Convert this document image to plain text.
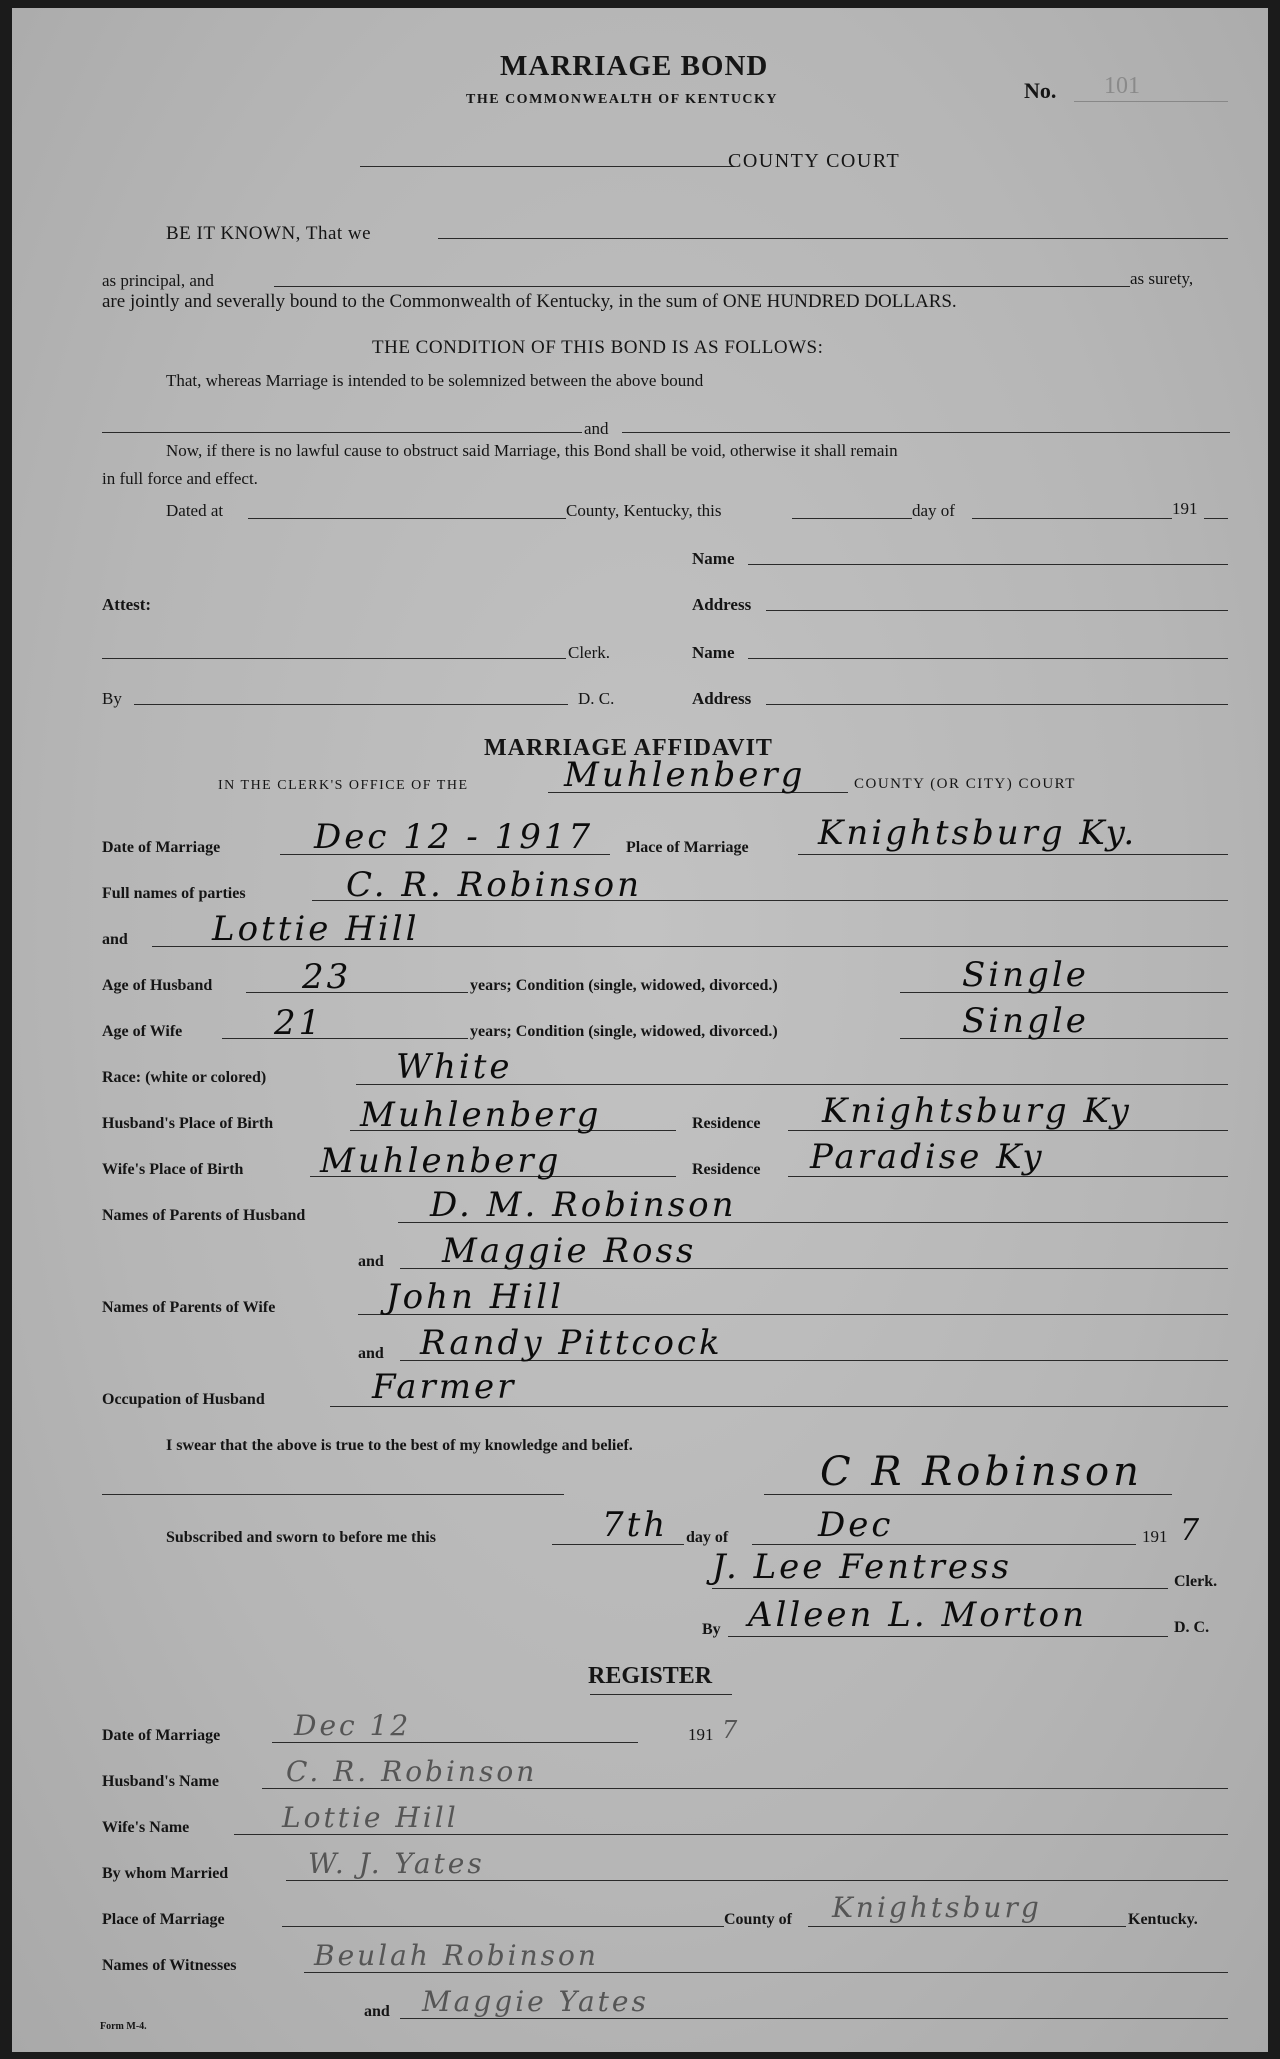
MARRIAGE BOND
THE COMMONWEALTH OF KENTUCKY	No. 101
COUNTY COURT
BE IT KNOWN, That we
as principal, and	as surety,
are jointly and severally bound to the Commonwealth of Kentucky, in the sum of ONE HUNDRED DOLLARS.
THE CONDITION OF THIS BOND IS AS FOLLOWS:
That, whereas Marriage is intended to be solemnized between the above bound
and
Now, if there is no lawful cause to obstruct said Marriage, this Bond shall be void, otherwise it shall remain
in full force and effect.
Dated at	County, Kentucky, this	day of	191
Name
Attest:	Address
Clerk.	Name
By	D. C.	Address
MARRIAGE AFFIDAVIT
IN THE CLERK'S OFFICE OF THE	Muhlenberg	COUNTY (OR CITY) COURT
Date of Marriage	Dec 12 - 1917 Place of Marriage Knightsburg Ky.
Full names of parties	C. R. Robinson
and Lottie Hill
Age of Husband	23	years; Condition (single, widowed, divorced.)	Single
Age of Wife	21	years; Condition (single, widowed, divorced.)	Single
Race: (white or colored)	White
Husband's Place of Birth	Muhlenberg	Residence Knightsburg Ky
Wife's Place of Birth Muhlenberg	Residence Paradise Ky
Names of Parents of Husband	D. M. Robinson
and Maggie Ross
Names of Parents of Wife	John Hill
and Randy Pittcock
Occupation of Husband	Farmer
I swear that the above is true to the best of my knowledge and belief.
C R Robinson
Subscribed and sworn to before me this	7th day of	Dec	191 7
J. Lee Fentress	Clerk.
By Alleen L. Morton	D. C.
REGISTER
Date of Marriage	Dec 12	191 7
Husband's Name C. R. Robinson
Wife's Name	Lottie Hill
By whom Married	W. J. Yates
Place of Marriage	County of Knightsburg	Kentucky.
Names of Witnesses	Beulah Robinson
and Maggie Yates
Form M-4.
